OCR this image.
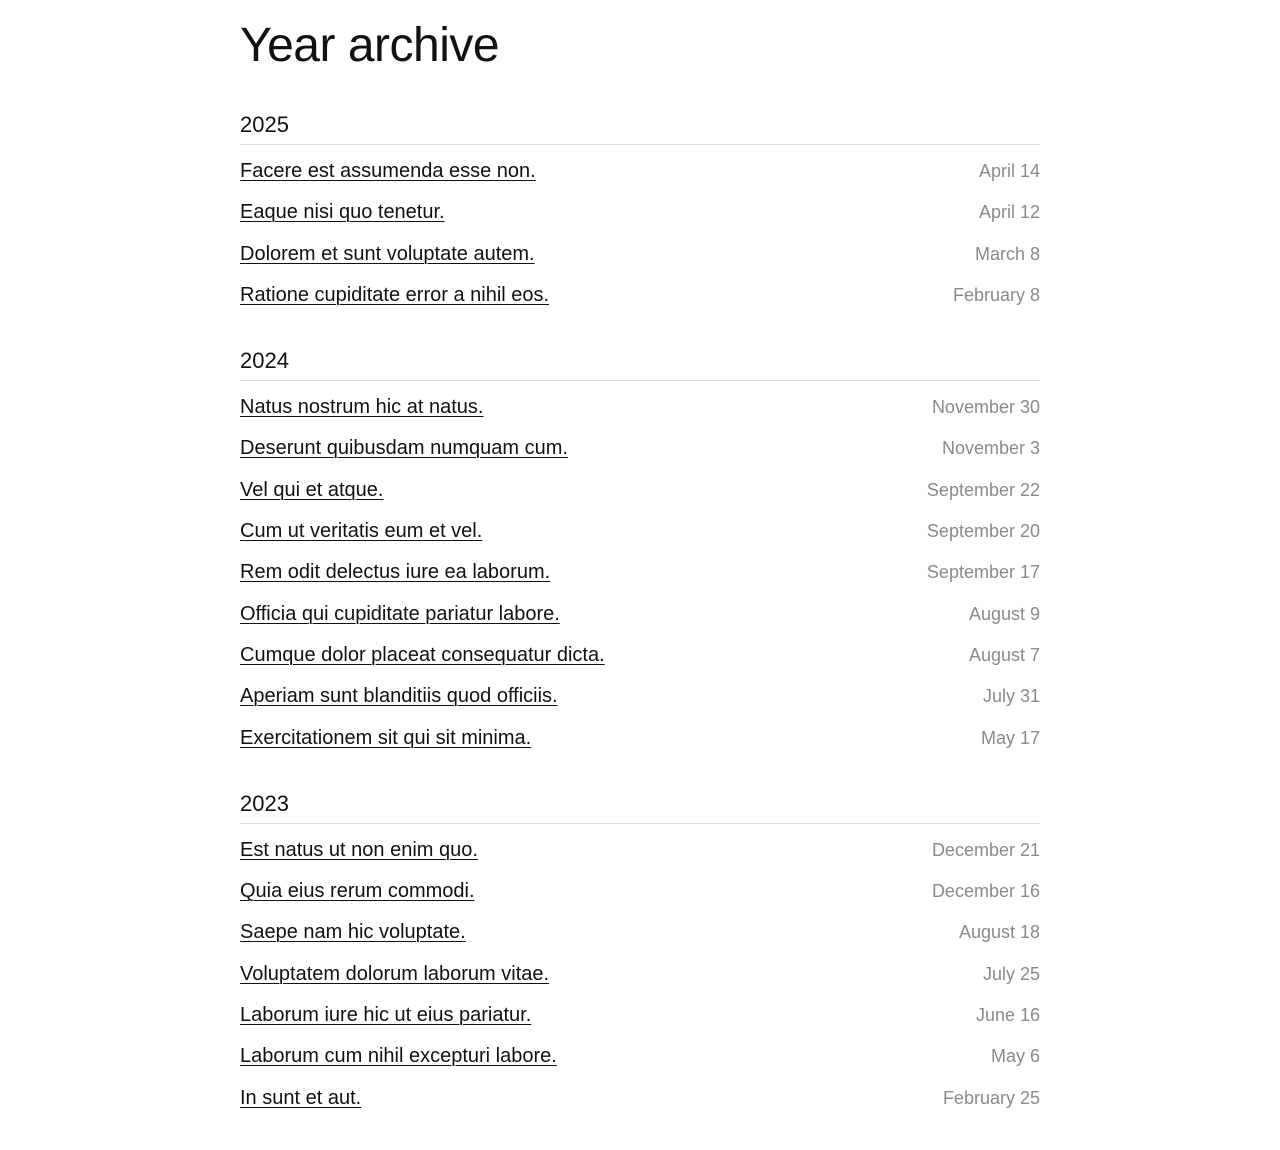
Year archive
2025
Facere est assumenda esse non.	April 14
Eaque nisi quo tenetur.	April 12
Dolorem et sunt voluptate autem.	March 8
Ratione cupiditate error a nihil eos.	February 8
2024
Natus nostrum hic at natus.	November 30
Deserunt quibusdam numquam cum.	November 3
Vel qui et atque.	September 22
Cum ut veritatis eum et vel.	September 20
Rem odit delectus iure ea laborum.	September 17
Officia qui cupiditate pariatur labore.	August 9
Cumque dolor placeat consequatur dicta.	August 7
Aperiam sunt blanditiis quod officiis.	July 31
Exercitationem sit qui sit minima.	May 17
2023
Est natus ut non enim quo.	December 21
Quia eius rerum commodi.	December 16
Saepe nam hic voluptate.	August 18
Voluptatem dolorum laborum vitae.	July 25
Laborum iure hic ut eius pariatur.	June 16
Laborum cum nihil excepturi labore.	May 6
In sunt et aut.	February 25
